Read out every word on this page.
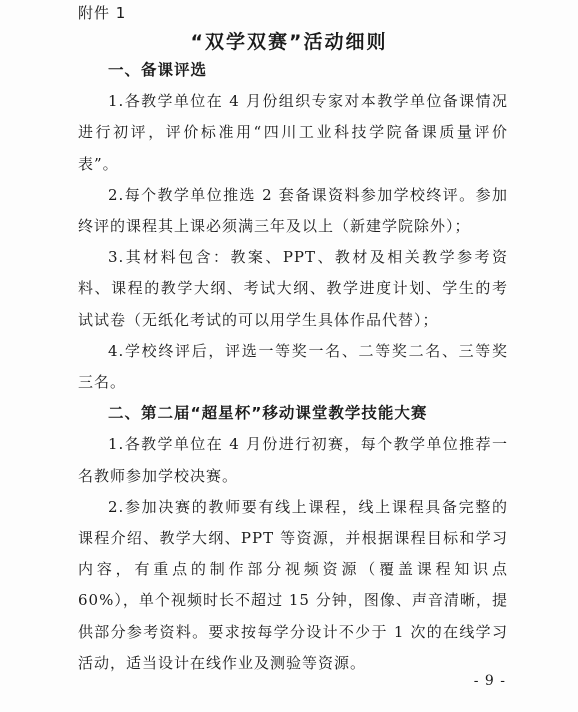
附件 1

“双学双赛”活动细则
一、备课评选

1.各教学单位在 4 月份组织专家对本教学单位备课情况进行初评，评价标准用“四川工业科技学院备课质量评价表”。

2.每个教学单位推选 2 套备课资料参加学校终评。参加终评的课程其上课必须满三年及以上（新建学院除外）；

3.其材料包含：教案、PPT、教材及相关教学参考资料、课程的教学大纲、考试大纲、教学进度计划、学生的考试试卷（无纸化考试的可以用学生具体作品代替）；

4.学校终评后，评选一等奖一名、二等奖二名、三等奖三名。

二、第二届“超星杯”移动课堂教学技能大赛

1.各教学单位在 4 月份进行初赛，每个教学单位推荐一名教师参加学校决赛。

2.参加决赛的教师要有线上课程，线上课程具备完整的课程介绍、教学大纲、PPT 等资源，并根据课程目标和学习内容，有重点的制作部分视频资源（覆盖课程知识点 60%），单个视频时长不超过 15 分钟，图像、声音清晰，提供部分参考资料。要求按每学分设计不少于 1 次的在线学习活动，适当设计在线作业及测验等资源。

- 9 -
